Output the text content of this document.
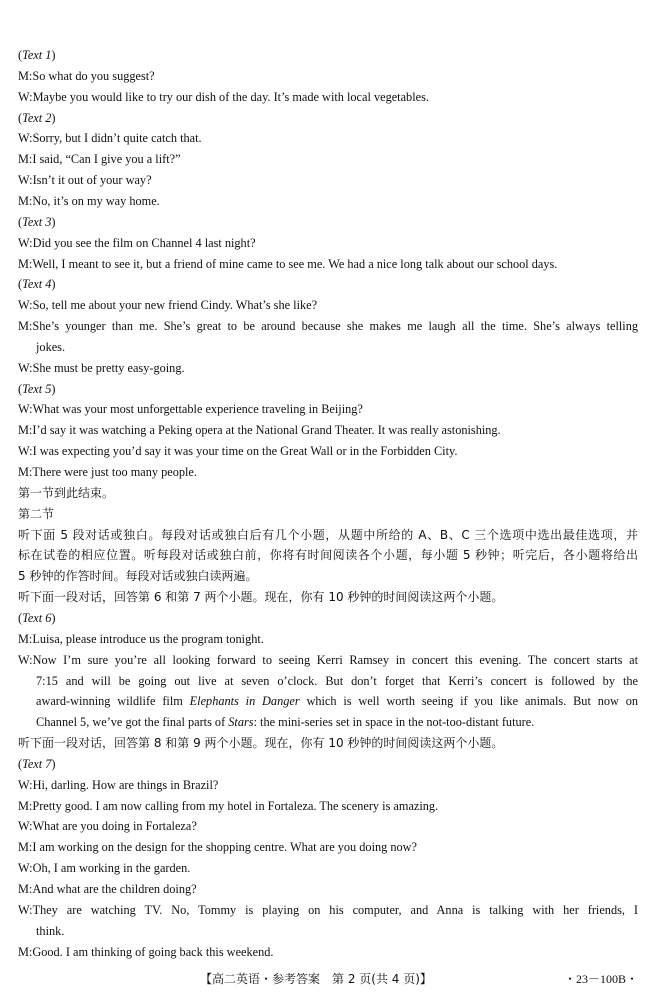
(Text 1)
M:So what do you suggest?
W:Maybe you would like to try our dish of the day. It’s made with local vegetables.
(Text 2)
W:Sorry, but I didn’t quite catch that.
M:I said, “Can I give you a lift?”
W:Isn’t it out of your way?
M:No, it’s on my way home.
(Text 3)
W:Did you see the film on Channel 4 last night?
M:Well, I meant to see it, but a friend of mine came to see me. We had a nice long talk about our school days.
(Text 4)
W:So, tell me about your new friend Cindy. What’s she like?
M:She’s younger than me. She’s great to be around because she makes me laugh all the time. She’s always telling
jokes.
W:She must be pretty easy-going.
(Text 5)
W:What was your most unforgettable experience traveling in Beijing?
M:I’d say it was watching a Peking opera at the National Grand Theater. It was really astonishing.
W:I was expecting you’d say it was your time on the Great Wall or in the Forbidden City.
M:There were just too many people.
第一节到此结束。
第二节
听下面 5 段对话或独白。每段对话或独白后有几个小题，从题中所给的 A、B、C 三个选项中选出最佳选项，并
标在试卷的相应位置。听每段对话或独白前，你将有时间阅读各个小题，每小题 5 秒钟；听完后，各小题将给出
5 秒钟的作答时间。每段对话或独白读两遍。
听下面一段对话，回答第 6 和第 7 两个小题。现在，你有 10 秒钟的时间阅读这两个小题。
(Text 6)
M:Luisa, please introduce us the program tonight.
W:Now I’m sure you’re all looking forward to seeing Kerri Ramsey in concert this evening. The concert starts at
7:15 and will be going out live at seven o’clock. But don’t forget that Kerri’s concert is followed by the
award-winning wildlife film Elephants in Danger which is well worth seeing if you like animals. But now on
Channel 5, we’ve got the final parts of Stars: the mini-series set in space in the not-too-distant future.
听下面一段对话，回答第 8 和第 9 两个小题。现在，你有 10 秒钟的时间阅读这两个小题。
(Text 7)
W:Hi, darling. How are things in Brazil?
M:Pretty good. I am now calling from my hotel in Fortaleza. The scenery is amazing.
W:What are you doing in Fortaleza?
M:I am working on the design for the shopping centre. What are you doing now?
W:Oh, I am working in the garden.
M:And what are the children doing?
W:They are watching TV. No, Tommy is playing on his computer, and Anna is talking with her friends, I
think.
M:Good. I am thinking of going back this weekend.
【高二英语・参考答案　第 2 页(共 4 页)】	・23－100B・
